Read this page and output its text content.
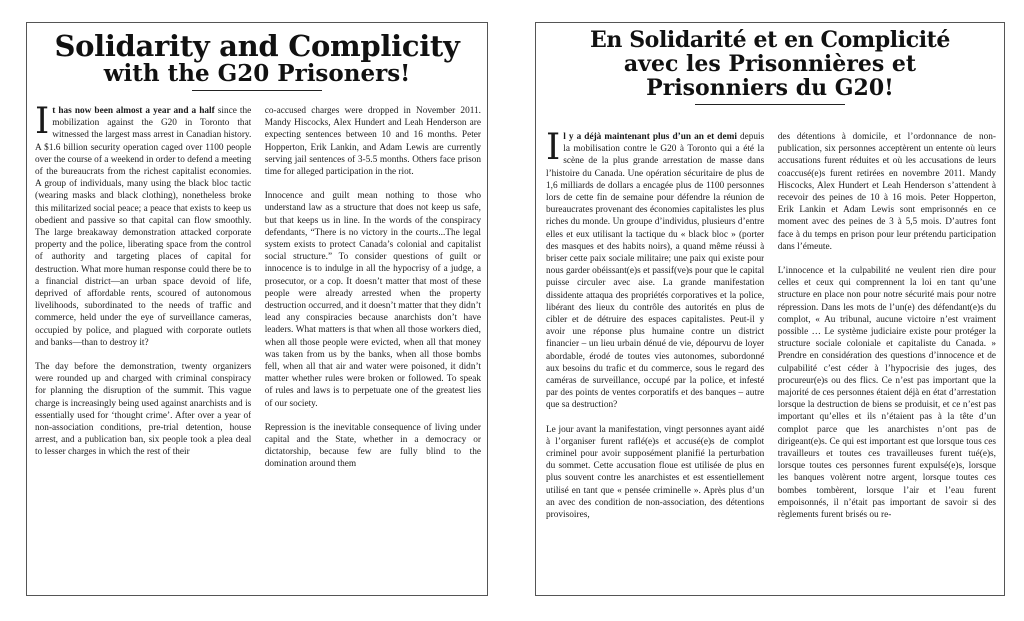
Solidarity and Complicity
with the G20 Prisoners!

It has now been almost a year and a half since the mobilization against the G20 in Toronto that witnessed the largest mass arrest in Canadian history. A $1.6 billion security operation caged over 1100 people over the course of a weekend in order to defend a meeting of the bureaucrats from the richest capitalist economies. A group of individuals, many using the black bloc tactic (wearing masks and black clothing), nonetheless broke this militarized social peace; a peace that exists to keep us obedient and passive so that capital can flow smoothly. The large breakaway demonstration attacked corporate property and the police, liberating space from the control of authority and targeting places of capital for destruction. What more human response could there be to a financial district—an urban space devoid of life, deprived of affordable rents, scoured of autonomous livelihoods, subordinated to the needs of traffic and commerce, held under the eye of surveillance cameras, occupied by police, and plagued with corporate outlets and banks—than to destroy it?

The day before the demonstration, twenty organizers were rounded up and charged with criminal conspiracy for planning the disruption of the summit. This vague charge is increasingly being used against anarchists and is essentially used for ‘thought crime’. After over a year of non-association conditions, pre-trial detention, house arrest, and a publication ban, six people took a plea deal to lesser charges in which the rest of their

co-accused charges were dropped in November 2011. Mandy Hiscocks, Alex Hundert and Leah Henderson are expecting sentences between 10 and 16 months. Peter Hopperton, Erik Lankin, and Adam Lewis are currently serving jail sentences of 3-5.5 months. Others face prison time for alleged participation in the riot.

Innocence and guilt mean nothing to those who understand law as a structure that does not keep us safe, but that keeps us in line. In the words of the conspiracy defendants, “There is no victory in the courts...The legal system exists to protect Canada’s colonial and capitalist social structure.” To consider questions of guilt or innocence is to indulge in all the hypocrisy of a judge, a prosecutor, or a cop. It doesn’t matter that most of these people were already arrested when the property destruction occurred, and it doesn’t matter that they didn’t lead any conspiracies because anarchists don’t have leaders. What matters is that when all those workers died, when all those people were evicted, when all that money was taken from us by the banks, when all those bombs fell, when all that air and water were poisoned, it didn’t matter whether rules were broken or followed. To speak of rules and laws is to perpetuate one of the greatest lies of our society.

Repression is the inevitable consequence of living under capital and the State, whether in a democracy or dictatorship, because few are fully blind to the domination around them

En Solidarité et en Complicité
avec les Prisonnières et
Prisonniers du G20!

Il y a déjà maintenant plus d’un an et demi depuis la mobilisation contre le G20 à Toronto qui a été la scène de la plus grande arrestation de masse dans l’histoire du Canada. Une opération sécuritaire de plus de 1,6 milliards de dollars a encagée plus de 1100 personnes lors de cette fin de semaine pour défendre la réunion de bureaucrates provenant des économies capitalistes les plus riches du monde. Un groupe d’individus, plusieurs d’entre elles et eux utilisant la tactique du « black bloc » (porter des masques et des habits noirs), a quand même réussi à briser cette paix sociale militaire; une paix qui existe pour nous garder obéissant(e)s et passif(ve)s pour que le capital puisse circuler avec aise. La grande manifestation dissidente attaqua des propriétés corporatives et la police, libérant des lieux du contrôle des autorités en plus de cibler et de détruire des espaces capitalistes. Peut-il y avoir une réponse plus humaine contre un district financier – un lieu urbain dénué de vie, dépourvu de loyer abordable, érodé de toutes vies autonomes, subordonné aux besoins du trafic et du commerce, sous le regard des caméras de surveillance, occupé par la police, et infesté par des points de ventes corporatifs et des banques – autre que sa destruction?

Le jour avant la manifestation, vingt personnes ayant aidé à l’organiser furent raflé(e)s et accusé(e)s de complot criminel pour avoir supposément planifié la perturbation du sommet. Cette accusation floue est utilisée de plus en plus souvent contre les anarchistes et est essentiellement utilisé en tant que « pensée criminelle ». Après plus d’un an avec des condition de non-association, des détentions provisoires,

des détentions à domicile, et l’ordonnance de non-publication, six personnes acceptèrent un entente où leurs accusations furent réduites et où les accusations de leurs coaccusé(e)s furent retirées en novembre 2011. Mandy Hiscocks, Alex Hundert et Leah Henderson s’attendent à recevoir des peines de 10 à 16 mois. Peter Hopperton, Erik Lankin et Adam Lewis sont emprisonnés en ce moment avec des peines de 3 à 5,5 mois. D’autres font face à du temps en prison pour leur prétendu participation dans l’émeute.

L’innocence et la culpabilité ne veulent rien dire pour celles et ceux qui comprennent la loi en tant qu’une structure en place non pour notre sécurité mais pour notre répression. Dans les mots de l’un(e) des défendant(e)s du complot, « Au tribunal, aucune victoire n’est vraiment possible … Le système judiciaire existe pour protéger la structure sociale coloniale et capitaliste du Canada. » Prendre en considération des questions d’innocence et de culpabilité c’est céder à l’hypocrisie des juges, des procureur(e)s ou des flics. Ce n’est pas important que la majorité de ces personnes étaient déjà en état d’arrestation lorsque la destruction de biens se produisit, et ce n’est pas important qu’elles et ils n’étaient pas à la tête d’un complot parce que les anarchistes n’ont pas de dirigeant(e)s. Ce qui est important est que lorsque tous ces travailleurs et toutes ces travailleuses furent tué(e)s, lorsque toutes ces personnes furent expulsé(e)s, lorsque les banques volèrent notre argent, lorsque toutes ces bombes tombèrent, lorsque l’air et l’eau furent empoisonnés, il n’était pas important de savoir si des règlements furent brisés ou re-
